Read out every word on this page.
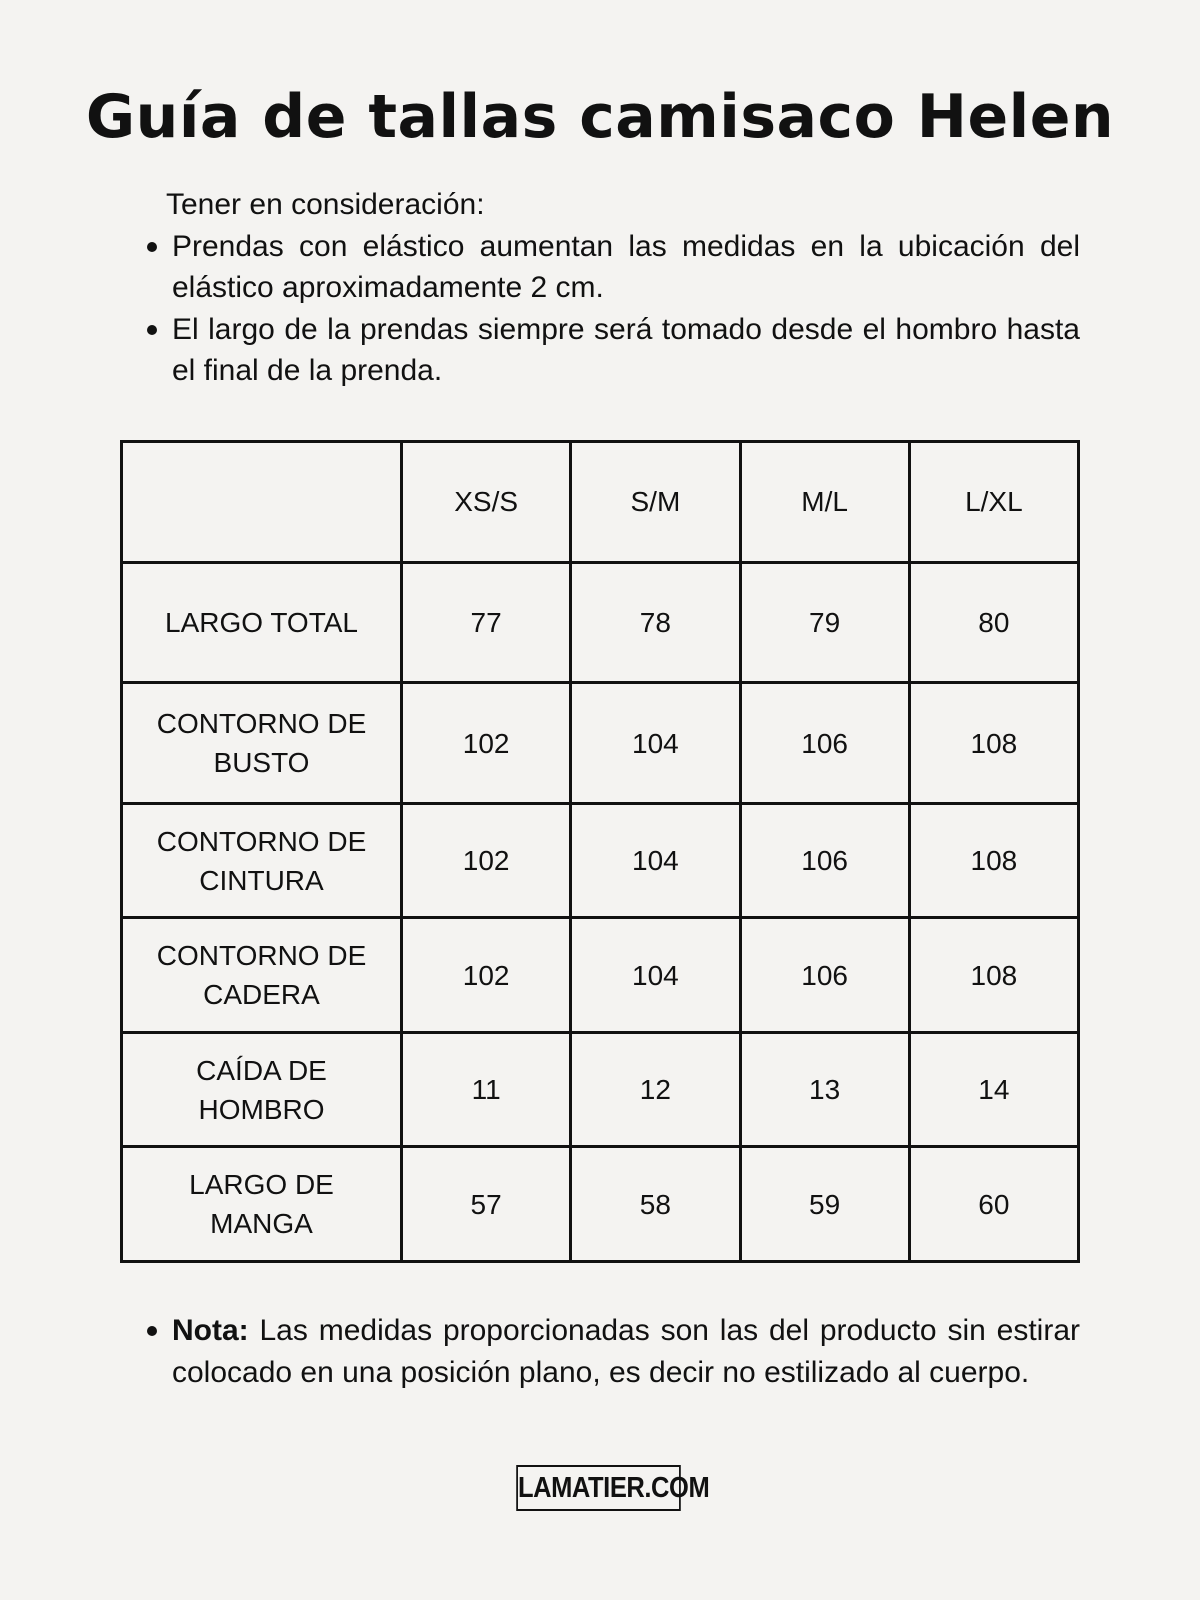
Guía de tallas camisaco Helen
Tener en consideración:
Prendas con elástico aumentan las medidas en la ubicación del elástico aproximadamente 2 cm.
El largo de la prendas siempre será tomado desde el hombro hasta el final de la prenda.
	XS/S	S/M	M/L	L/XL
LARGO TOTAL	77	78	79	80
CONTORNO DE
BUSTO	102	104	106	108
CONTORNO DE
CINTURA	102	104	106	108
CONTORNO DE
CADERA	102	104	106	108
CAÍDA DE
HOMBRO	11	12	13	14
LARGO DE
MANGA	57	58	59	60
Nota: Las medidas proporcionadas son las del producto sin estirar colocado en una posición plano, es decir no estilizado al cuerpo.
LAMATIER.COM
